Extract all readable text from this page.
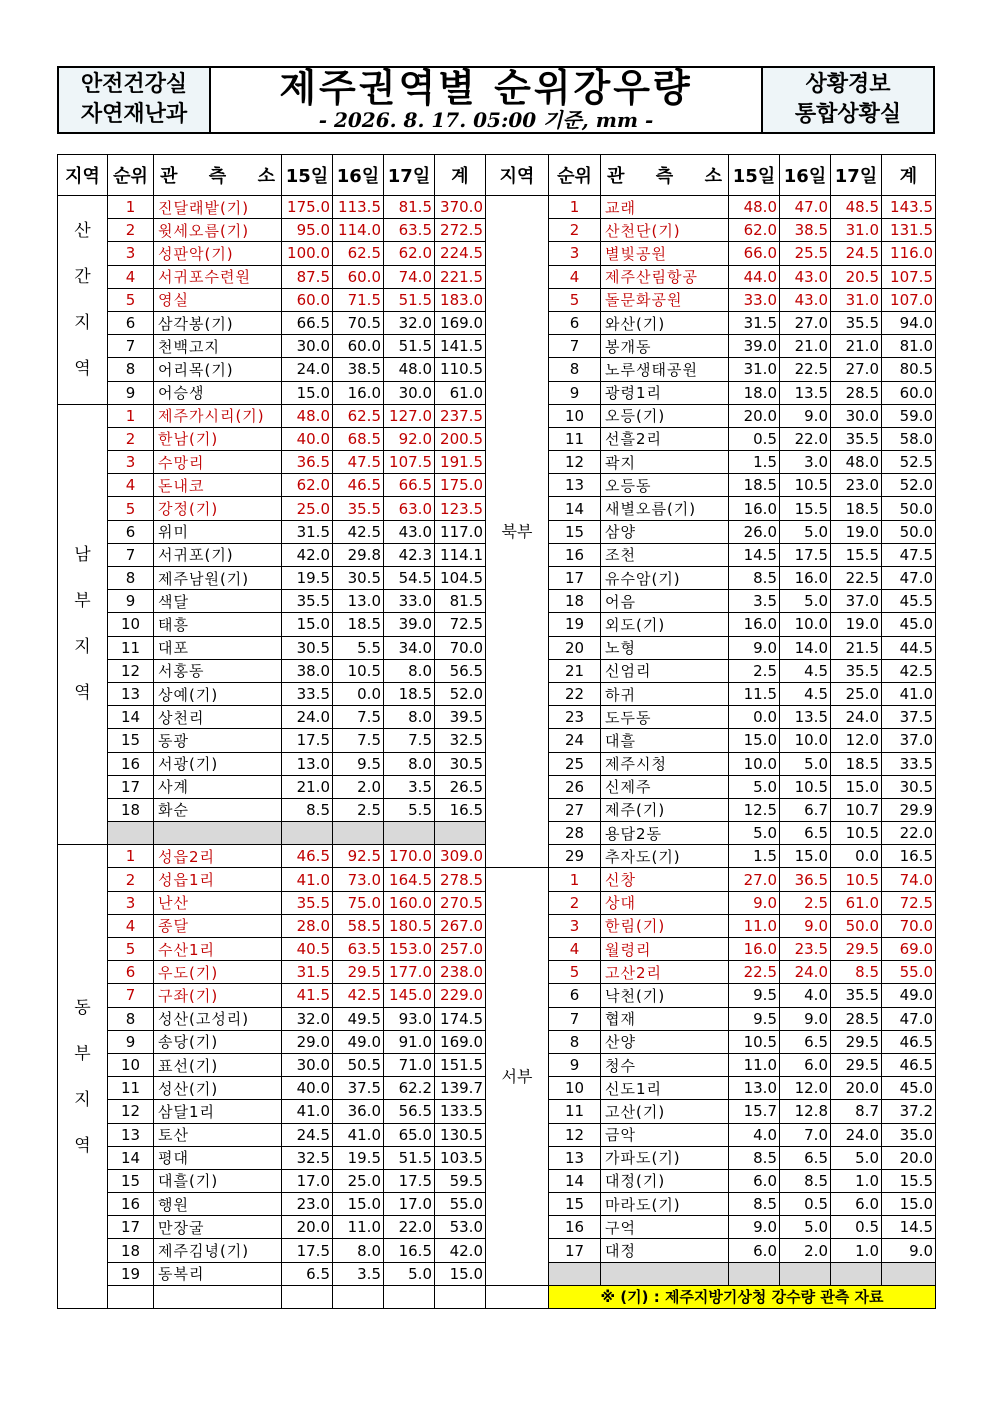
안전건강실
자연재난과
제주권역별 순위강우량
- 2026. 8. 17. 05:00 기준, mm -
상황경보
통합상황실
지역	순위	관 측 소	15일	16일	17일	계

산
간
지
역	1	진달래밭(기)	175.0	113.5	81.5	370.0
	2	윗세오름(기)	95.0	114.0	63.5	272.5
	3	성판악(기)	100.0	62.5	62.0	224.5
	4	서귀포수련원	87.5	60.0	74.0	221.5
	5	영실	60.0	71.5	51.5	183.0
	6	삼각봉(기)	66.5	70.5	32.0	169.0
	7	천백고지	30.0	60.0	51.5	141.5
	8	어리목(기)	24.0	38.5	48.0	110.5
	9	어승생	15.0	16.0	30.0	61.0

남
부
지
역	1	제주가시리(기)	48.0	62.5	127.0	237.5
	2	한남(기)	40.0	68.5	92.0	200.5
	3	수망리	36.5	47.5	107.5	191.5
	4	돈내코	62.0	46.5	66.5	175.0
	5	강정(기)	25.0	35.5	63.0	123.5
	6	위미	31.5	42.5	43.0	117.0
	7	서귀포(기)	42.0	29.8	42.3	114.1
	8	제주남원(기)	19.5	30.5	54.5	104.5
	9	색달	35.5	13.0	33.0	81.5
	10	태흥	15.0	18.5	39.0	72.5
	11	대포	30.5	5.5	34.0	70.0
	12	서홍동	38.0	10.5	8.0	56.5
	13	상예(기)	33.5	0.0	18.5	52.0
	14	상천리	24.0	7.5	8.0	39.5
	15	동광	17.5	7.5	7.5	32.5
	16	서광(기)	13.0	9.5	8.0	30.5
	17	사계	21.0	2.0	3.5	26.5
	18	화순	8.5	2.5	5.5	16.5

동
부
지
역	1	성읍2리	46.5	92.5	170.0	309.0
	2	성읍1리	41.0	73.0	164.5	278.5
	3	난산	35.5	75.0	160.0	270.5
	4	종달	28.0	58.5	180.5	267.0
	5	수산1리	40.5	63.5	153.0	257.0
	6	우도(기)	31.5	29.5	177.0	238.0
	7	구좌(기)	41.5	42.5	145.0	229.0
	8	성산(고성리)	32.0	49.5	93.0	174.5
	9	송당(기)	29.0	49.0	91.0	169.0
	10	표선(기)	30.0	50.5	71.0	151.5
	11	성산(기)	40.0	37.5	62.2	139.7
	12	삼달1리	41.0	36.0	56.5	133.5
	13	토산	24.5	41.0	65.0	130.5
	14	평대	32.5	19.5	51.5	103.5
	15	대흘(기)	17.0	25.0	17.5	59.5
	16	행원	23.0	15.0	17.0	55.0
	17	만장굴	20.0	11.0	22.0	53.0
	18	제주김녕(기)	17.5	8.0	16.5	42.0
	19	동복리	6.5	3.5	5.0	15.0

지역	순위	관 측 소	15일	16일	17일	계

북부	1	교래	48.0	47.0	48.5	143.5
	2	산천단(기)	62.0	38.5	31.0	131.5
	3	별빛공원	66.0	25.5	24.5	116.0
	4	제주산림항공	44.0	43.0	20.5	107.5
	5	돌문화공원	33.0	43.0	31.0	107.0
	6	와산(기)	31.5	27.0	35.5	94.0
	7	봉개동	39.0	21.0	21.0	81.0
	8	노루생태공원	31.0	22.5	27.0	80.5
	9	광령1리	18.0	13.5	28.5	60.0
	10	오등(기)	20.0	9.0	30.0	59.0
	11	선흘2리	0.5	22.0	35.5	58.0
	12	곽지	1.5	3.0	48.0	52.5
	13	오등동	18.5	10.5	23.0	52.0
	14	새별오름(기)	16.0	15.5	18.5	50.0
	15	삼양	26.0	5.0	19.0	50.0
	16	조천	14.5	17.5	15.5	47.5
	17	유수암(기)	8.5	16.0	22.5	47.0
	18	어음	3.5	5.0	37.0	45.5
	19	외도(기)	16.0	10.0	19.0	45.0
	20	노형	9.0	14.0	21.5	44.5
	21	신엄리	2.5	4.5	35.5	42.5
	22	하귀	11.5	4.5	25.0	41.0
	23	도두동	0.0	13.5	24.0	37.5
	24	대흘	15.0	10.0	12.0	37.0
	25	제주시청	10.0	5.0	18.5	33.5
	26	신제주	5.0	10.5	15.0	30.5
	27	제주(기)	12.5	6.7	10.7	29.9
	28	용담2동	5.0	6.5	10.5	22.0
	29	추자도(기)	1.5	15.0	0.0	16.5

서부	1	신창	27.0	36.5	10.5	74.0
	2	상대	9.0	2.5	61.0	72.5
	3	한림(기)	11.0	9.0	50.0	70.0
	4	월령리	16.0	23.5	29.5	69.0
	5	고산2리	22.5	24.0	8.5	55.0
	6	낙천(기)	9.5	4.0	35.5	49.0
	7	협재	9.5	9.0	28.5	47.0
	8	산양	10.5	6.5	29.5	46.5
	9	청수	11.0	6.0	29.5	46.5
	10	신도1리	13.0	12.0	20.0	45.0
	11	고산(기)	15.7	12.8	8.7	37.2
	12	금악	4.0	7.0	24.0	35.0
	13	가파도(기)	8.5	6.5	5.0	20.0
	14	대정(기)	6.0	8.5	1.0	15.5
	15	마라도(기)	8.5	0.5	6.0	15.0
	16	구억	9.0	5.0	0.5	14.5
	17	대정	6.0	2.0	1.0	9.0

	※ (기) : 제주지방기상청 강수량 관측 자료					
